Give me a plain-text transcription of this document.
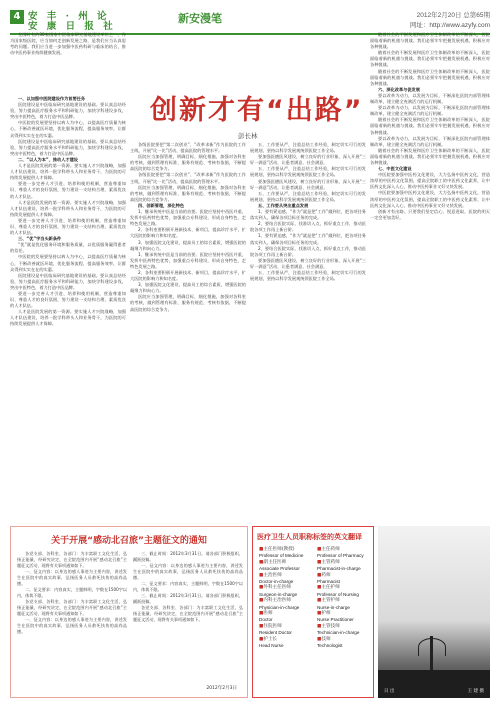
4 安 丰 · 州 论
安 康 日 报 社
新安漫笔	2012年2月20日 总第65期
网址：http://www.azyfy.com

全国时有约30家国家中医临床研究基地建设单位之一，作为国家级医院，应当如何走创新发展之路，是我们应当认真思考的问题。我们应当进一步加强中医药科研与临床的结合，推动中医药事业持续健康发展。

创新才有“出路”
彭长林

一、以加强中医院建设作为首要任务

医院建设是中医临床研究基地建设的基础。要认真总结经验，努力提高医疗服务水平和科研能力，加快学科建设步伐，突出中医特色，着力打造中医品牌。

中医院的发展要坚持以病人为中心，以提高医疗质量为核心，不断改善就医环境，优化服务流程，提高服务效率，让群众得到实实在在的实惠。

医院建设是中医临床研究基地建设的基础。要认真总结经验，努力提高医疗服务水平和科研能力，加快学科建设步伐，突出中医特色，着力打造中医品牌。

二、“以人为本”，推动人才建设

人才是医院发展的第一资源。要实施人才兴院战略，加强人才队伍建设，培养一批学科带头人和业务骨干，为医院的可持续发展提供人才保障。

要进一步完善人才引进、培养和使用机制，营造尊重知识、尊重人才的良好氛围，努力建设一支结构合理、素质优良的人才队伍。

人才是医院发展的第一资源。要实施人才兴院战略，加强人才队伍建设，培养一批学科带头人和业务骨干，为医院的可持续发展提供人才保障。

要进一步完善人才引进、培养和使用机制，营造尊重知识、尊重人才的良好氛围，努力建设一支结构合理、素质优良的人才队伍。

三、“优”字当头新条件

“优”就是优化服务环境和服务质量，以优质服务赢得患者的信任。

中医院的发展要坚持以病人为中心，以提高医疗质量为核心，不断改善就医环境，优化服务流程，提高服务效率，让群众得到实实在在的实惠。

医院建设是中医临床研究基地建设的基础。要认真总结经验，努力提高医疗服务水平和科研能力，加快学科建设步伐，突出中医特色，着力打造中医品牌。

要进一步完善人才引进、培养和使用机制，营造尊重知识、尊重人才的良好氛围，努力建设一支结构合理、素质优良的人才队伍。

人才是医院发展的第一资源。要实施人才兴院战略，加强人才队伍建设，培养一批学科带头人和业务骨干，为医院的可持续发展提供人才保障。

各级医院要把“第二次创业”、“改革求新”作为医院的工作主线，开展“比一比”活动，提高医院的管理水平。

医院应当加强管理，明确目标，细化措施，加强对各科室的考核，做到管理有标准、服务有规范、考核有依据，不断提高医院的综合竞争力。

各级医院要把“第二次创业”、“改革求新”作为医院的工作主线，开展“比一比”活动，提高医院的管理水平。

医院应当加强管理，明确目标，细化措施，加强对各科室的考核，做到管理有标准、服务有规范、考核有依据，不断提高医院的综合竞争力。

四、创新管理，深化特色

1、继承传统中医是当前的首要。医院应坚持中西医并重，发挥中医药特色优势，加强重点专科建设，形成自身特色，走特色发展之路。

2、各科室要积极开展新技术、新项目，提高诊疗水平，扩大医院的影响力和知名度。

3、加强医院文化建设，提高员工的综合素质，增强医院的凝聚力和向心力。

1、继承传统中医是当前的首要。医院应坚持中西医并重，发挥中医药特色优势，加强重点专科建设，形成自身特色，走特色发展之路。

2、各科室要积极开展新技术、新项目，提高诊疗水平，扩大医院的影响力和知名度。

3、加强医院文化建设，提高员工的综合素质，增强医院的凝聚力和向心力。

医院应当加强管理，明确目标，细化措施，加强对各科室的考核，做到管理有标准、服务有规范、考核有依据，不断提高医院的综合竞争力。

五、工作要从严，注重总结工作经验，制定切实可行的发展规划，坚持以科学发展观统领医院工作全局。

要加强医德医风建设，树立良好的行业形象，深入开展“三好一满意”活动，让患者满意、社会满意。

五、工作要从严，注重总结工作经验，制定切实可行的发展规划，坚持以科学发展观统领医院工作全局。

要加强医德医风建设，树立良好的行业形象，深入开展“三好一满意”活动，让患者满意、社会满意。

五、工作要从严，注重总结工作经验，制定切实可行的发展规划，坚持以科学发展观统领医院工作全局。

五、工作要从突出重点发展

1、要有紧迫感，“作为”就是把“工作”做到位，把各项任务落实到人，确保各项目标任务的完成。

2、要结合医院实际，找准切入点，抓好重点工作，推动医院各项工作再上新台阶。

1、要有紧迫感，“作为”就是把“工作”做到位，把各项任务落实到人，确保各项目标任务的完成。

2、要结合医院实际，找准切入点，抓好重点工作，推动医院各项工作再上新台阶。

要加强医德医风建设，树立良好的行业形象，深入开展“三好一满意”活动，让患者满意、社会满意。

五、工作要从严，注重总结工作经验，制定切实可行的发展规划，坚持以科学发展观统领医院工作全局。

随着社会的不断发展和医疗卫生体制改革的不断深入，医院面临着新的机遇与挑战。我们必须牢牢把握发展机遇，积极应对各种挑战。

随着社会的不断发展和医疗卫生体制改革的不断深入，医院面临着新的机遇与挑战。我们必须牢牢把握发展机遇，积极应对各种挑战。

随着社会的不断发展和医疗卫生体制改革的不断深入，医院面临着新的机遇与挑战。我们必须牢牢把握发展机遇，积极应对各种挑战。

六、深化改革与促发展

要以改革为动力，以发展为目标，不断深化医院内部管理体制改革，建立健全充满活力的运行机制。

要以改革为动力，以发展为目标，不断深化医院内部管理体制改革，建立健全充满活力的运行机制。

随着社会的不断发展和医疗卫生体制改革的不断深入，医院面临着新的机遇与挑战。我们必须牢牢把握发展机遇，积极应对各种挑战。

要以改革为动力，以发展为目标，不断深化医院内部管理体制改革，建立健全充满活力的运行机制。

随着社会的不断发展和医疗卫生体制改革的不断深入，医院面临着新的机遇与挑战。我们必须牢牢把握发展机遇，积极应对各种挑战。

七、中医文化建设

中医院要加强中医药文化建设，大力弘扬中医药文化，营造浓厚的中医药文化氛围，提高全院职工的中医药文化素养，让中医药文化深入人心，推动中医药事业又好又快发展。

中医院要加强中医药文化建设，大力弘扬中医药文化，营造浓厚的中医药文化氛围，提高全院职工的中医药文化素养，让中医药文化深入人心，推动中医药事业又好又快发展。

创新才有出路。只要我们坚定信心、锐意进取，医院的明天一定会更加美好。

关于开展“感动北召旅”主题征文的通知

各党支部、各科室、各部门：为丰富职工文化生活，弘扬正能量，经研究决定，在全院范围内开展“感动北召旅”主题征文活动，现将有关事项通知如下。

一、征文内容：以身边的感人事迹为主要内容，讲述发生在医院中的真实故事，弘扬医务人员救死扶伤的高尚品德。

二、征文要求：内容真实，主题鲜明，字数在1500字以内，体裁不限。

各党支部、各科室、各部门：为丰富职工文化生活，弘扬正能量，经研究决定，在全院范围内开展“感动北召旅”主题征文活动，现将有关事项通知如下。

一、征文内容：以身边的感人事迹为主要内容，讲述发生在医院中的真实故事，弘扬医务人员救死扶伤的高尚品德。

三、截止时间：2012年3月31日。请各部门积极组织，踊跃投稿。

一、征文内容：以身边的感人事迹为主要内容，讲述发生在医院中的真实故事，弘扬医务人员救死扶伤的高尚品德。

二、征文要求：内容真实，主题鲜明，字数在1500字以内，体裁不限。

三、截止时间：2012年3月31日。请各部门积极组织，踊跃投稿。

各党支部、各科室、各部门：为丰富职工文化生活，弘扬正能量，经研究决定，在全院范围内开展“感动北召旅”主题征文活动，现将有关事项通知如下。

2012年2月3日
医疗卫生人员职称标签的英文翻译
■主任医师(教授)
Professor of Medicine
■副主任医师
Associate Professor
■主治医师
Doctor-in-charge
■外科主任医师
Surgeon-in-charge
■内科主治医师
Physician-in-charge
■医师
Doctor
■住院医师
Resident Doctor
■护士长
Head Nurse
■主任药师
Professor of Pharmacy
■主管药师
Pharmacist-in-charge
■药师
Pharmacist
■主任护师
Professor of Nursing
■主管护师
Nurse-in-charge
■护师
Nurse Practitioner
■主管技师
Technician-in-charge
■技师
Technologist
日 出	王 建 摄
